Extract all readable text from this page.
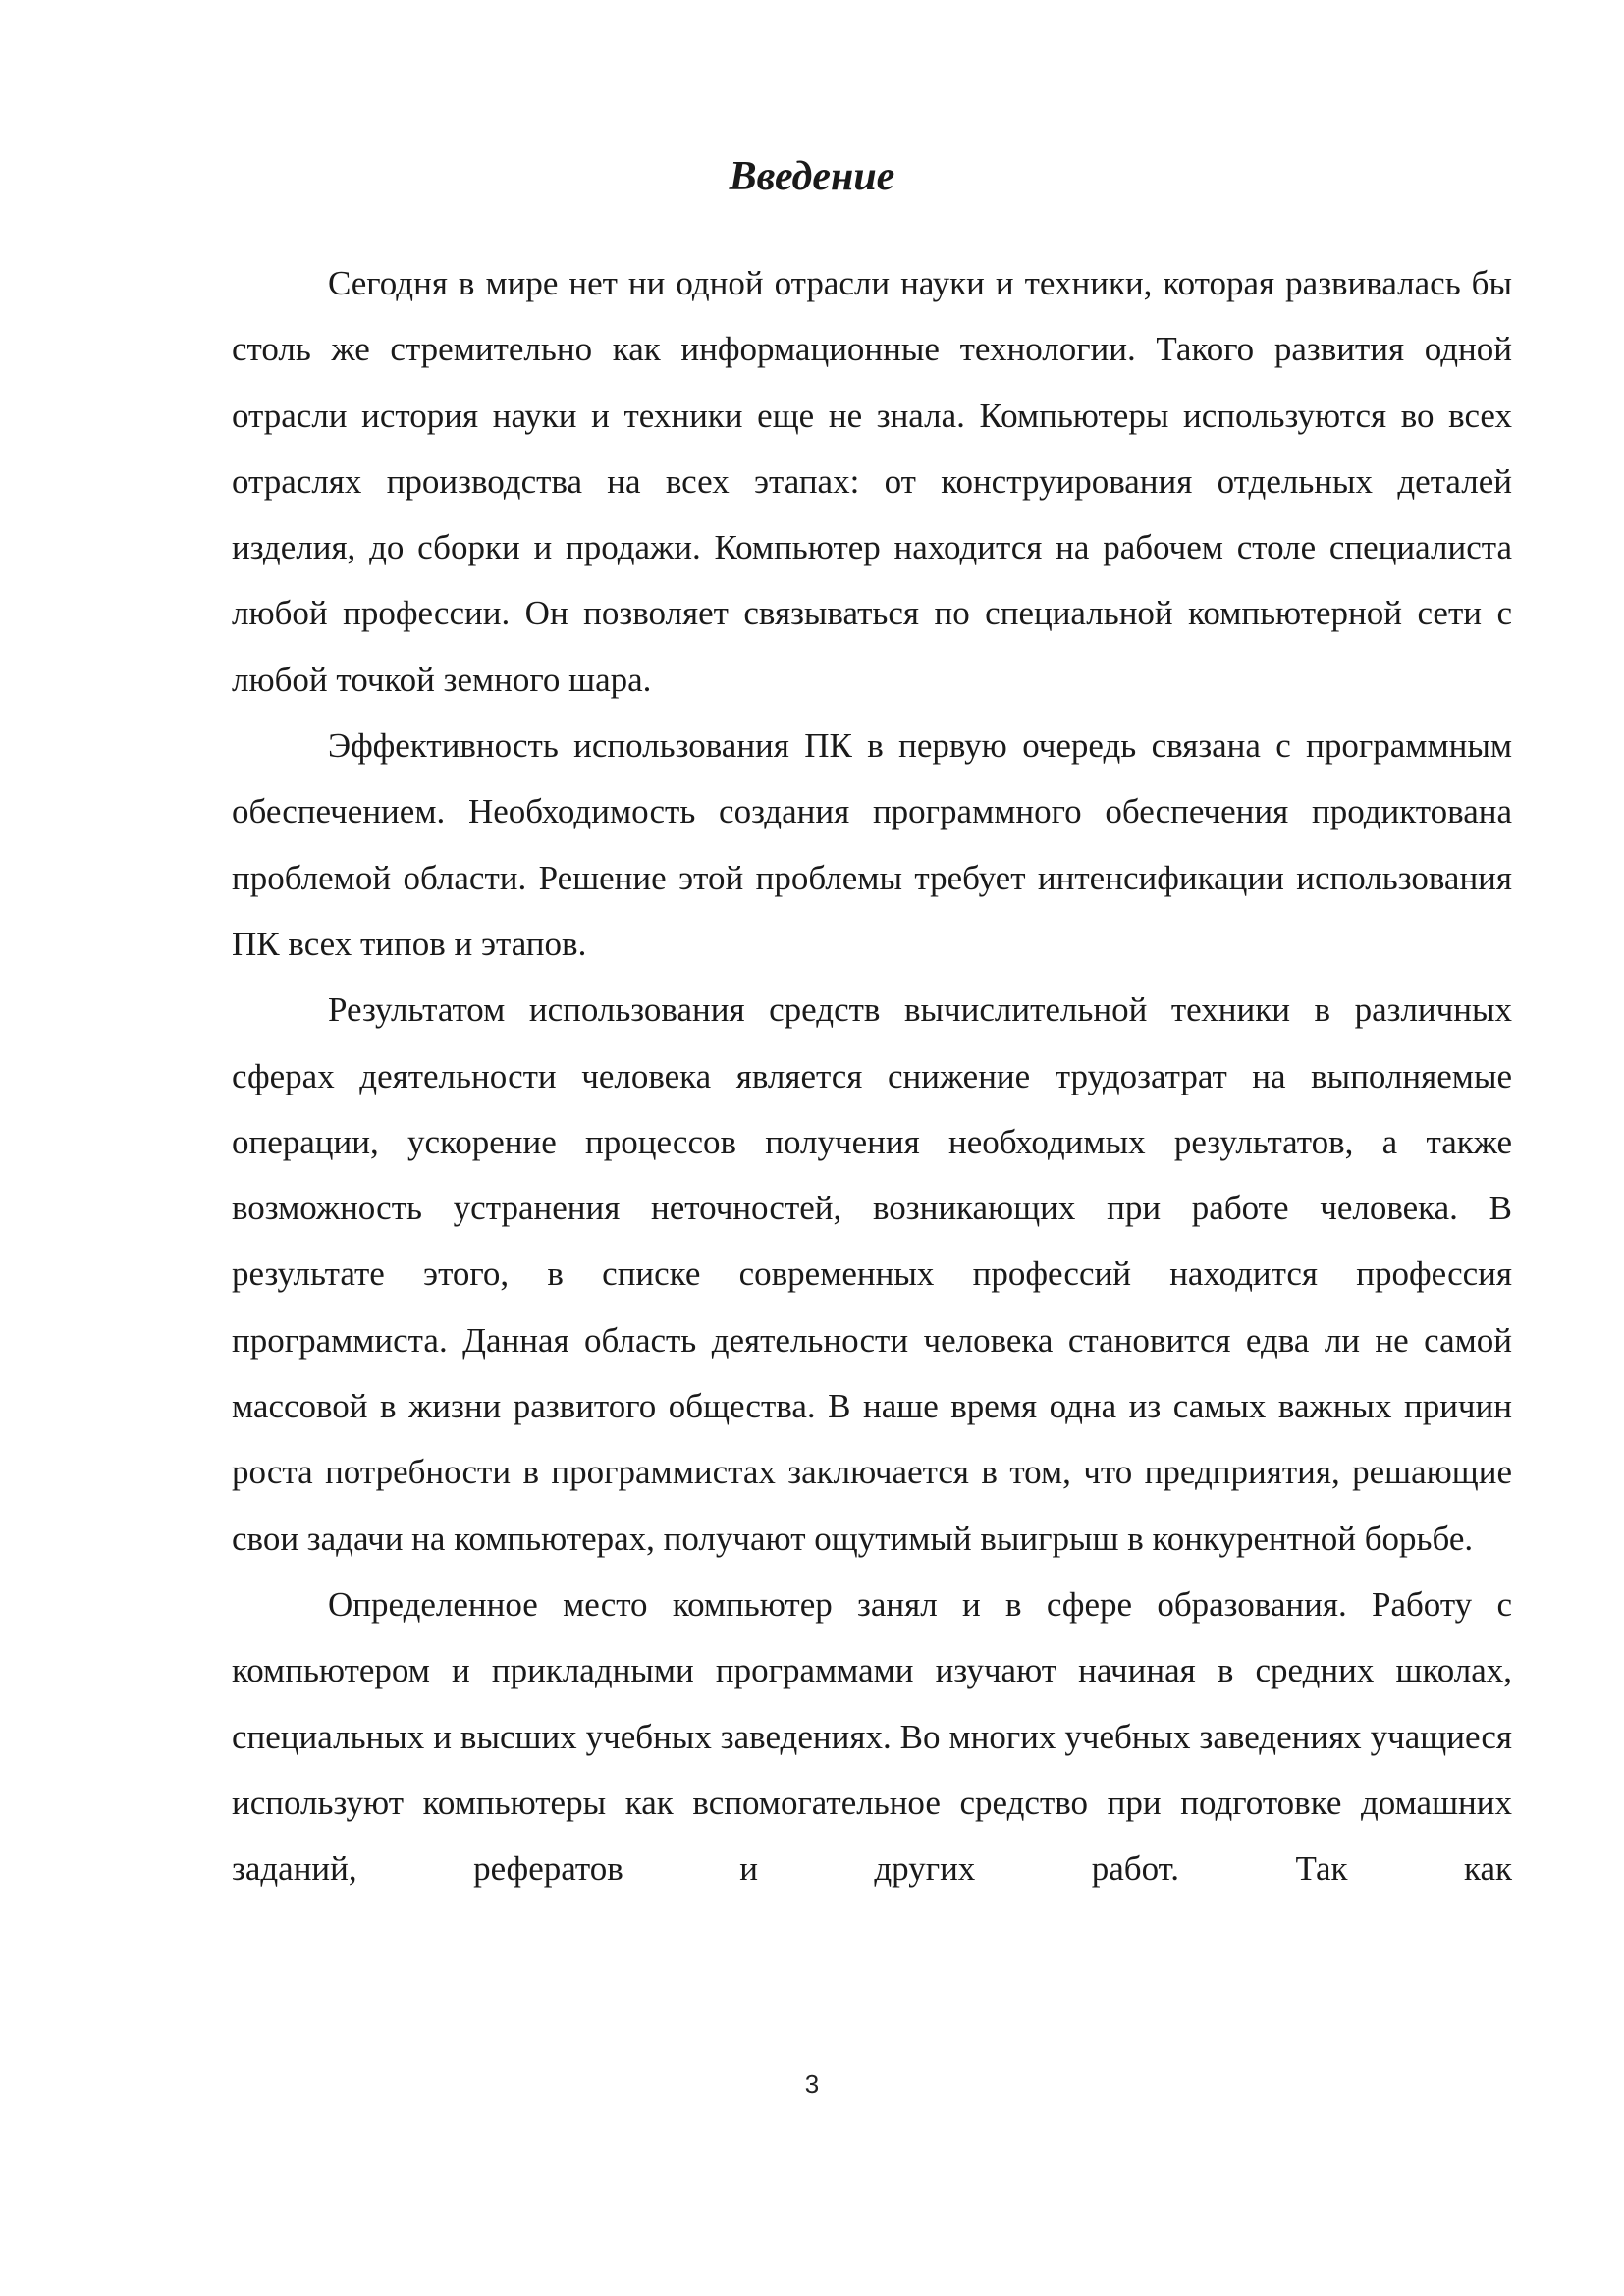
Введение

Сегодня в мире нет ни одной отрасли науки и техники, которая развивалась бы столь же стремительно как информационные технологии. Такого развития одной отрасли история науки и техники еще не знала. Компьютеры используются во всех отраслях производства на всех этапах: от конструирования отдельных деталей изделия, до сборки и продажи. Компьютер находится на рабочем столе специалиста любой профессии. Он позволяет связываться по специальной компьютерной сети с любой точкой земного шара.

Эффективность использования ПК в первую очередь связана с программным обеспечением. Необходимость создания программного обеспечения продиктована проблемой области. Решение этой проблемы требует интенсификации использования ПК всех типов и этапов.

Результатом использования средств вычислительной техники в различных сферах деятельности человека является снижение трудозатрат на выполняемые операции, ускорение процессов получения необходимых результатов, а также возможность устранения неточностей, возникающих при работе человека. В результате этого, в списке современных профессий находится профессия программиста. Данная область деятельности человека становится едва ли не самой массовой в жизни развитого общества. В наше время одна из самых важных причин роста потребности в программистах заключается в том, что предприятия, решающие свои задачи на компьютерах, получают ощутимый выигрыш в конкурентной борьбе.

Определенное место компьютер занял и в сфере образования. Работу с компьютером и прикладными программами изучают начиная в средних школах, специальных и высших учебных заведениях. Во многих учебных заведениях учащиеся используют компьютеры как вспомогательное средство при подготовке домашних заданий, рефератов и других работ. Так как

3
